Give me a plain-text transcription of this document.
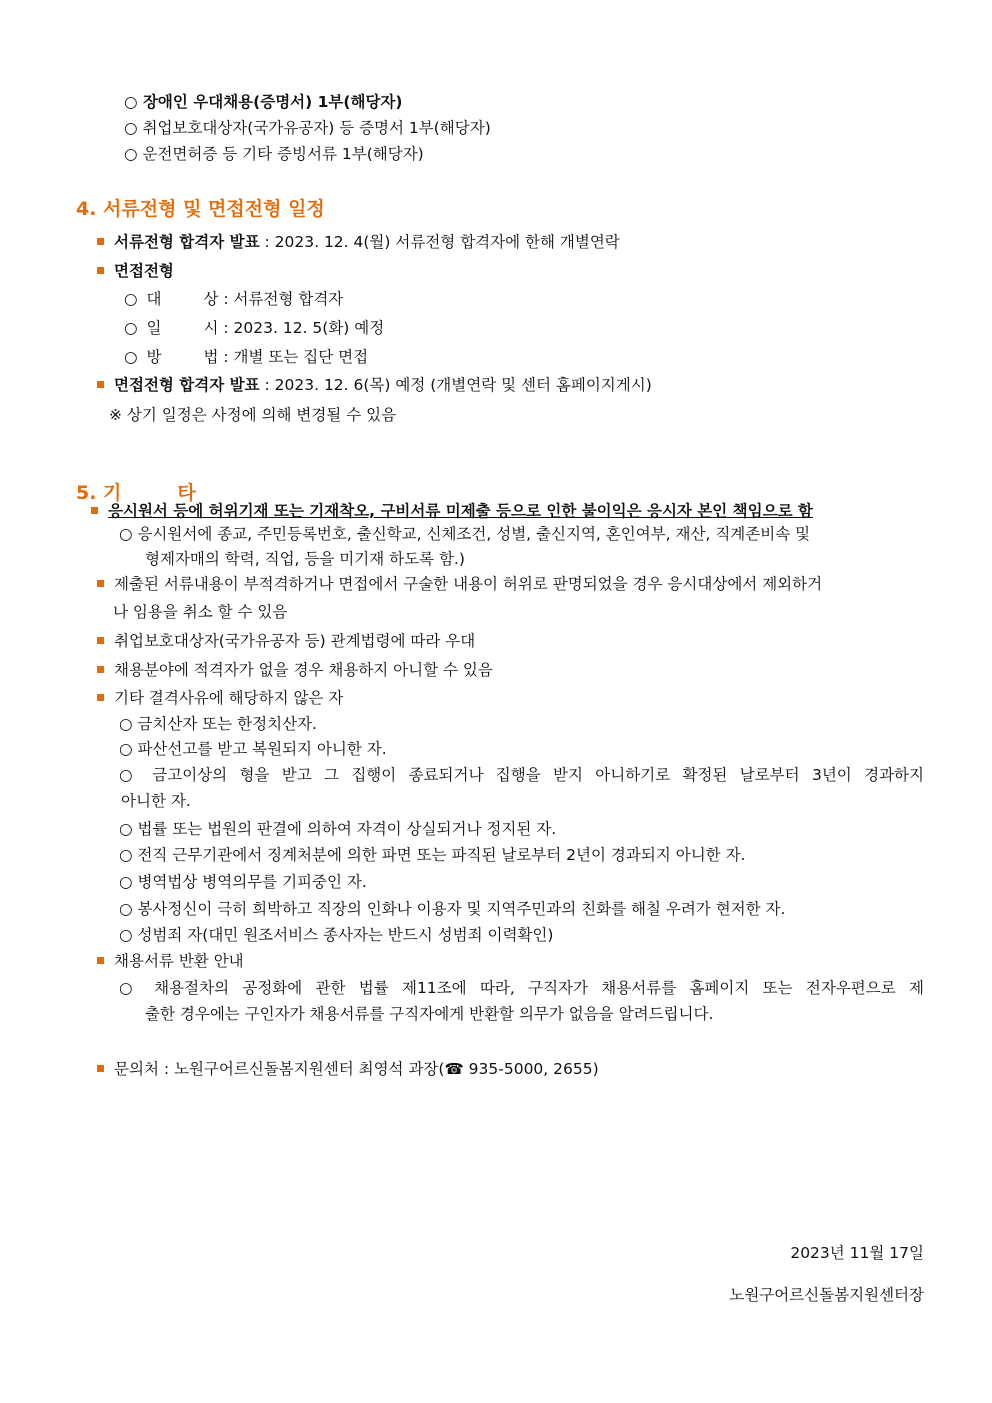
○ 장애인 우대채용(증명서) 1부(해당자)
○ 취업보호대상자(국가유공자) 등 증명서 1부(해당자)
○ 운전면허증 등 기타 증빙서류 1부(해당자)
4. 서류전형 및 면접전형 일정
서류전형 합격자 발표 : 2023. 12. 4(월) 서류전형 합격자에 한해 개별연락
면접전형
○ 대	상 : 서류전형 합격자
○ 일	시 : 2023. 12. 5(화) 예정
○ 방	법 : 개별 또는 집단 면접
면접전형 합격자 발표 : 2023. 12. 6(목) 예정 (개별연락 및 센터 홈페이지게시)
※ 상기 일정은 사정에 의해 변경될 수 있음
5. 기	타
응시원서 등에 허위기재 또는 기재착오, 구비서류 미제출 등으로 인한 불이익은 응시자 본인 책임으로 함
○ 응시원서에 종교, 주민등록번호, 출신학교, 신체조건, 성별, 출신지역, 혼인여부, 재산, 직계존비속 및
형제자매의 학력, 직업, 등을 미기재 하도록 함.)
제출된 서류내용이 부적격하거나 면접에서 구술한 내용이 허위로 판명되었을 경우 응시대상에서 제외하거
나 임용을 취소 할 수 있음
취업보호대상자(국가유공자 등) 관계법령에 따라 우대
채용분야에 적격자가 없을 경우 채용하지 아니할 수 있음
기타 결격사유에 해당하지 않은 자
○ 금치산자 또는 한정치산자.
○ 파산선고를 받고 복원되지 아니한 자.
○ 금고이상의 형을 받고 그 집행이 종료되거나 집행을 받지 아니하기로 확정된 날로부터 3년이 경과하지
아니한 자.
○ 법률 또는 법원의 판결에 의하여 자격이 상실되거나 정지된 자.
○ 전직 근무기관에서 징계처분에 의한 파면 또는 파직된 날로부터 2년이 경과되지 아니한 자.
○ 병역법상 병역의무를 기피중인 자.
○ 봉사정신이 극히 희박하고 직장의 인화나 이용자 및 지역주민과의 친화를 해칠 우려가 현저한 자.
○ 성범죄 자(대민 원조서비스 종사자는 반드시 성범죄 이력확인)
채용서류 반환 안내
○ 채용절차의 공정화에 관한 법률 제11조에 따라, 구직자가 채용서류를 홈페이지 또는 전자우편으로 제
출한 경우에는 구인자가 채용서류를 구직자에게 반환할 의무가 없음을 알려드립니다.
문의처 : 노원구어르신돌봄지원센터 최영석 과장(☎ 935-5000, 2655)
2023년 11월 17일
노원구어르신돌봄지원센터장
